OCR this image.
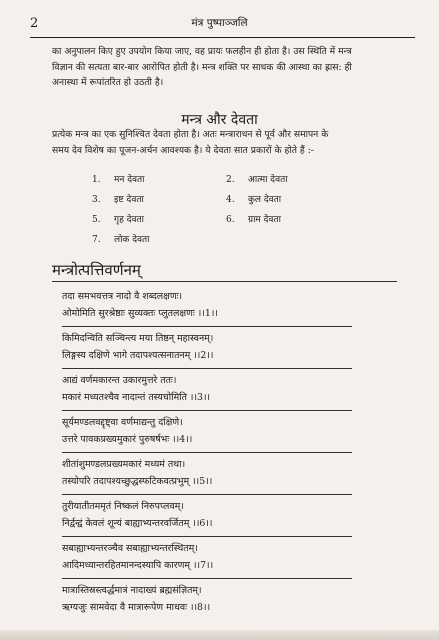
2	मंत्र पुष्पाञ्जलि
का अनुपालन किए हुए उपयोग किया जाए, वह प्रायः फलहीन ही होता है। उस स्थिति में मन्त्र
विज्ञान की सत्यता बार-बार आरोपित होती है। मन्त्र शक्ति पर साधक की आस्था का ह्रास: ही
अनास्था में रूपांतरित हो उठती है।
मन्त्र और देवता
प्रत्येक मन्त्र का एक सुनिश्चित देवता होता है। अतः मन्त्राराधन से पूर्व और समापन के
समय देव विशेष का पूजन-अर्चन आवश्यक है। ये देवता सात प्रकारों के होते हैं :-
1. मन देवता	2. आत्मा देवता
3. इष्ट देवता	4. कुल देवता
5. गृह देवता	6. ग्राम देवता
7. लोक देवता
मन्त्रोत्पत्तिवर्णनम्
तदा समभवत्तत्र नादो वै शब्दलक्षणः।
ओमोमिति सुरश्रेष्ठाः सुव्यक्तः प्लुतलक्षणः ।।1।।
किमिदन्विति सञ्चिन्त्य मया तिष्ठन् महास्वनम्।
लिङ्गस्य दक्षिणे भागे तदापश्यत्सनातनम् ।।2।।
आद्यं वर्णमकारन्त उकारमुत्तरे ततः।
मकारं मध्यतश्चैव नादान्तं तस्यचोमिति ।।3।।
सूर्यमण्डलवद्दृष्ट्वा वर्णमाद्यन्तु दक्षिणे।
उत्तरे पावकप्रख्यमुकारं पुरुषर्षभः ।।4।।
शीतांशुमण्डलप्रख्यमकारं मध्यमं तथा।
तस्योपरि तदापश्यच्छुद्धस्फटिकवत्प्रभुम् ।।5।।
तुरीयातीतममृतं निष्कलं निरुपप्लवम्।
निर्द्वन्द्वं केवलं शून्यं बाह्याभ्यन्तरवर्जितम् ।।6।।
सबाह्याभ्यन्तरञ्चैव सबाह्याभ्यन्तरस्थितम्।
आदिमध्यान्तरहितमानन्दस्यापि कारणम् ।।7।।
मात्रास्तिस्रस्त्वर्द्धमात्रं नादाख्यं ब्रह्मसंज्ञितम्।
ऋग्यजुः सामवेदा वै मात्रारूपेण माधवः ।।8।।
